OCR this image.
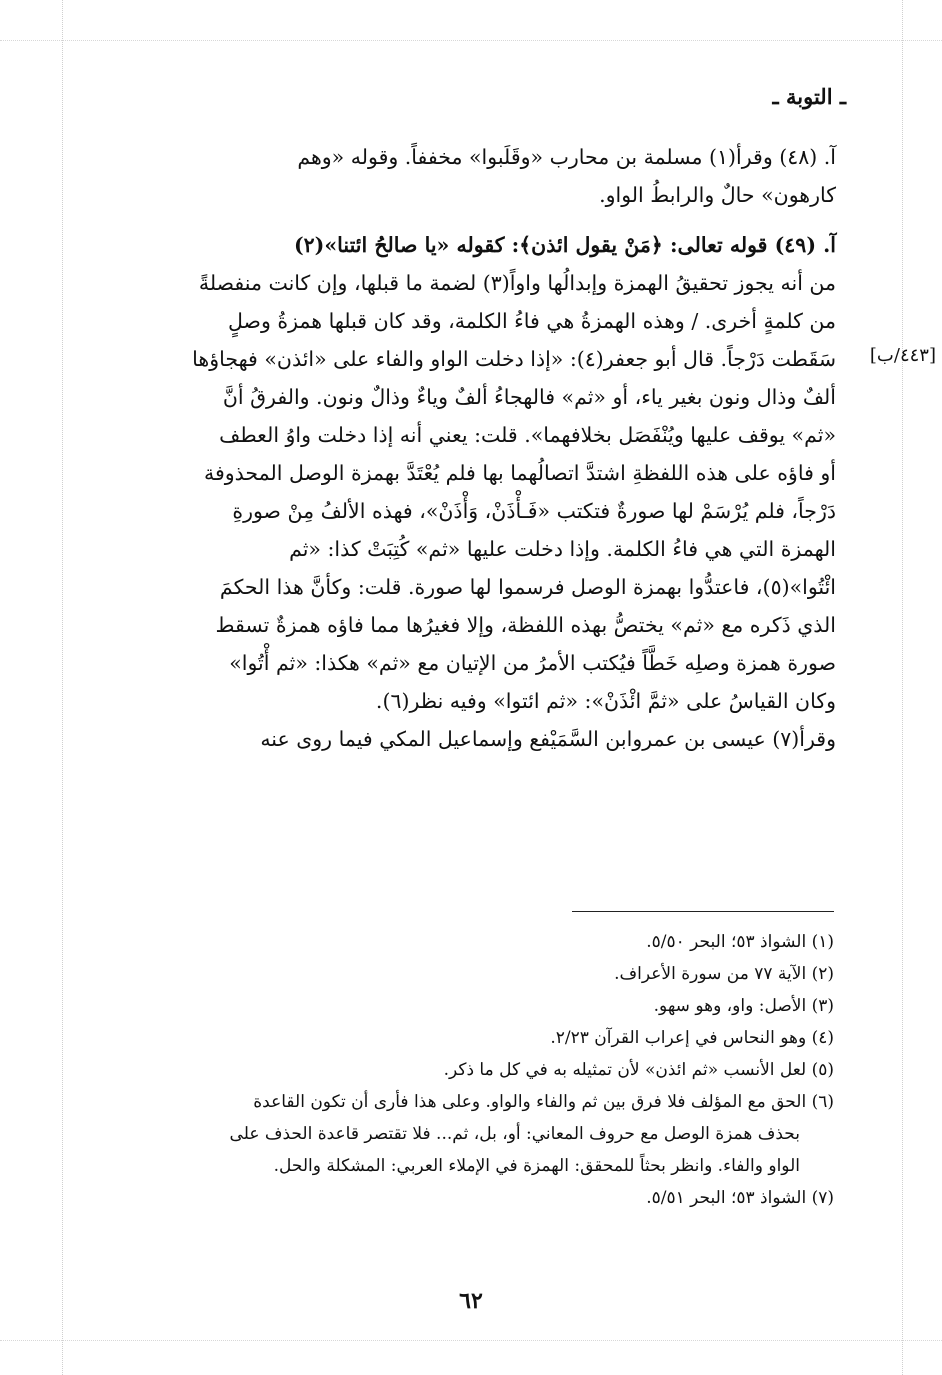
ـ التوبة ـ
[٤٤٣/ب]

آ. (٤٨) وقرأ(١) مسلمة بن محارب «وقَلَبوا» مخففاً. وقوله «وهم
كارهون» حالٌ والرابطُ الواو.

آ. (٤٩) قوله تعالى: ﴿مَنْ يقول ائذن﴾: كقوله «يا صالحُ ائتنا»(٢)
من أنه يجوز تحقيقُ الهمزة وإبدالُها واواً(٣) لضمة ما قبلها، وإن كانت منفصلةً
من كلمةٍ أخرى. / وهذه الهمزةُ هي فاءُ الكلمة، وقد كان قبلها همزةُ وصلٍ
سَقَطت دَرْجاً. قال أبو جعفر(٤): «إذا دخلت الواو والفاء على «ائذن» فهجاؤها
ألفٌ وذال ونون بغير ياء، أو «ثم» فالهجاءُ ألفٌ وياءٌ وذالٌ ونون. والفرقُ أنَّ
«ثم» يوقف عليها ويُنْفَصَل بخلافهما». قلت: يعني أنه إذا دخلت واوُ العطف
أو فاؤه على هذه اللفظةِ اشتدَّ اتصالُهما بها فلم يُعْتَدَّ بهمزة الوصل المحذوفة
دَرْجاً، فلم يُرْسَمْ لها صورةٌ فتكتب «فَـأْذَنْ، وَأْذَنْ»، فهذه الألفُ مِنْ صورةِ
الهمزة التي هي فاءُ الكلمة. وإذا دخلت عليها «ثم» كُتِبَتْ كذا: «ثم
ائْتُوا»(٥)، فاعتدُّوا بهمزة الوصل فرسموا لها صورة. قلت: وكأنَّ هذا الحكمَ
الذي ذَكره مع «ثم» يختصُّ بهذه اللفظة، وإلا فغيرُها مما فاؤه همزةٌ تسقط
صورة همزة وصلِه خَطَّاً فيُكتب الأمرُ من الإتيان مع «ثم» هكذا: «ثم أْتُوا»
وكان القياسُ على «ثمَّ ائْذَنْ»: «ثم ائتوا» وفيه نظر(٦).

وقرأ(٧) عيسى بن عمروابن السَّمَيْفع وإسماعيل المكي فيما روى عنه

(١) الشواذ ٥٣؛ البحر ٥/٥٠.
(٢) الآية ٧٧ من سورة الأعراف.
(٣) الأصل: واو، وهو سهو.
(٤) وهو النحاس في إعراب القرآن ٢/٢٣.
(٥) لعل الأنسب «ثم ائذن» لأن تمثيله به في كل ما ذكر.
(٦) الحق مع المؤلف فلا فرق بين ثم والفاء والواو. وعلى هذا فأرى أن تكون القاعدة
بحذف همزة الوصل مع حروف المعاني: أو، بل، ثم... فلا تقتصر قاعدة الحذف على
الواو والفاء. وانظر بحثاً للمحقق: الهمزة في الإملاء العربي: المشكلة والحل.
(٧) الشواذ ٥٣؛ البحر ٥/٥١.
٦٢
